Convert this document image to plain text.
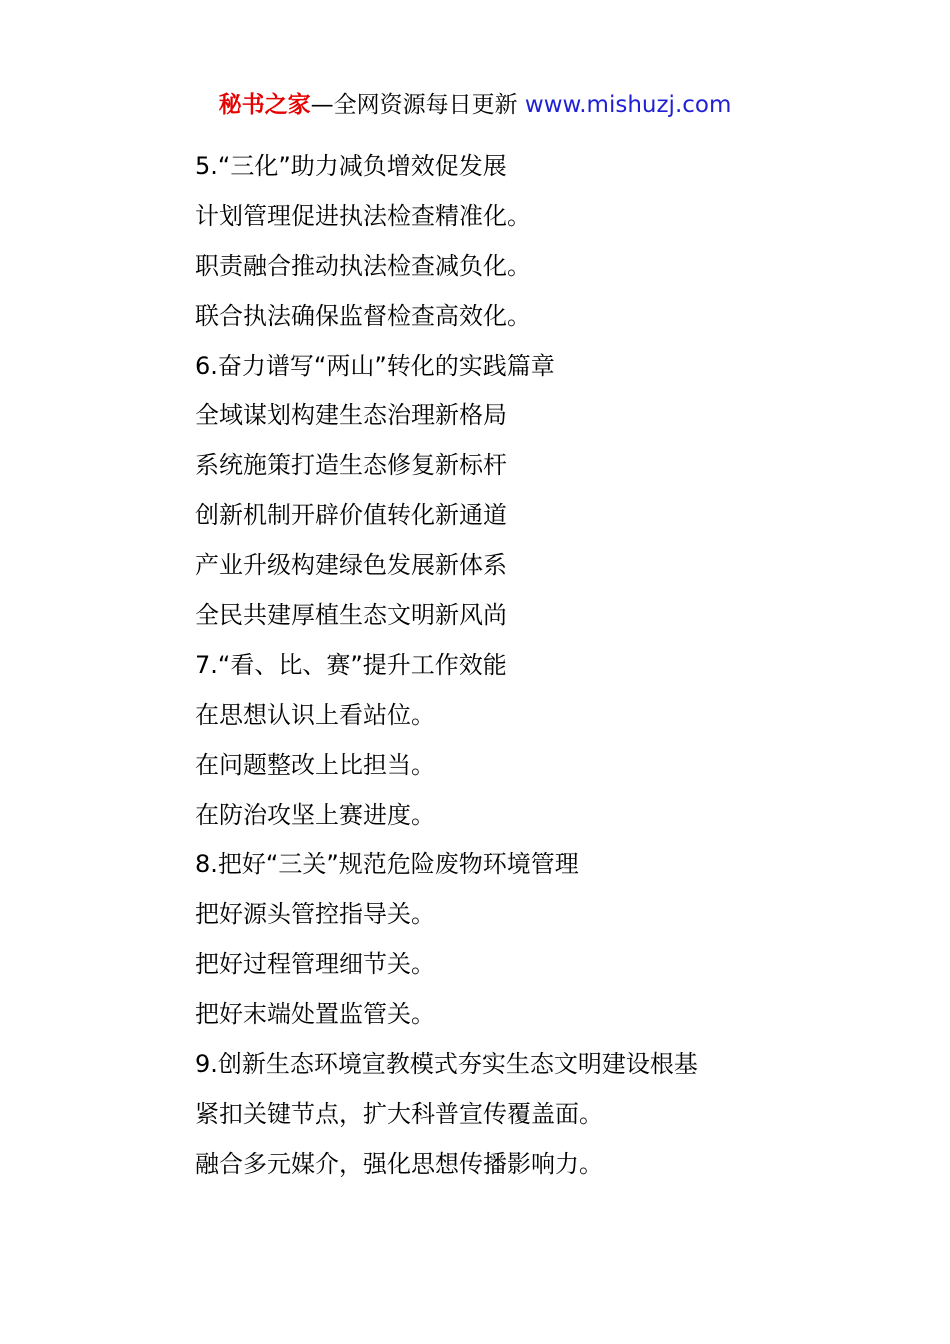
秘书之家—全网资源每日更新 www.mishuzj.com

5.“三化”助力减负增效促发展

计划管理促进执法检查精准化。

职责融合推动执法检查减负化。

联合执法确保监督检查高效化。

6.奋力谱写“两山”转化的实践篇章

全域谋划构建生态治理新格局

系统施策打造生态修复新标杆

创新机制开辟价值转化新通道

产业升级构建绿色发展新体系

全民共建厚植生态文明新风尚

7.“看、比、赛”提升工作效能

在思想认识上看站位。

在问题整改上比担当。

在防治攻坚上赛进度。

8.把好“三关”规范危险废物环境管理

把好源头管控指导关。

把好过程管理细节关。

把好末端处置监管关。

9.创新生态环境宣教模式夯实生态文明建设根基

紧扣关键节点，扩大科普宣传覆盖面。

融合多元媒介，强化思想传播影响力。
